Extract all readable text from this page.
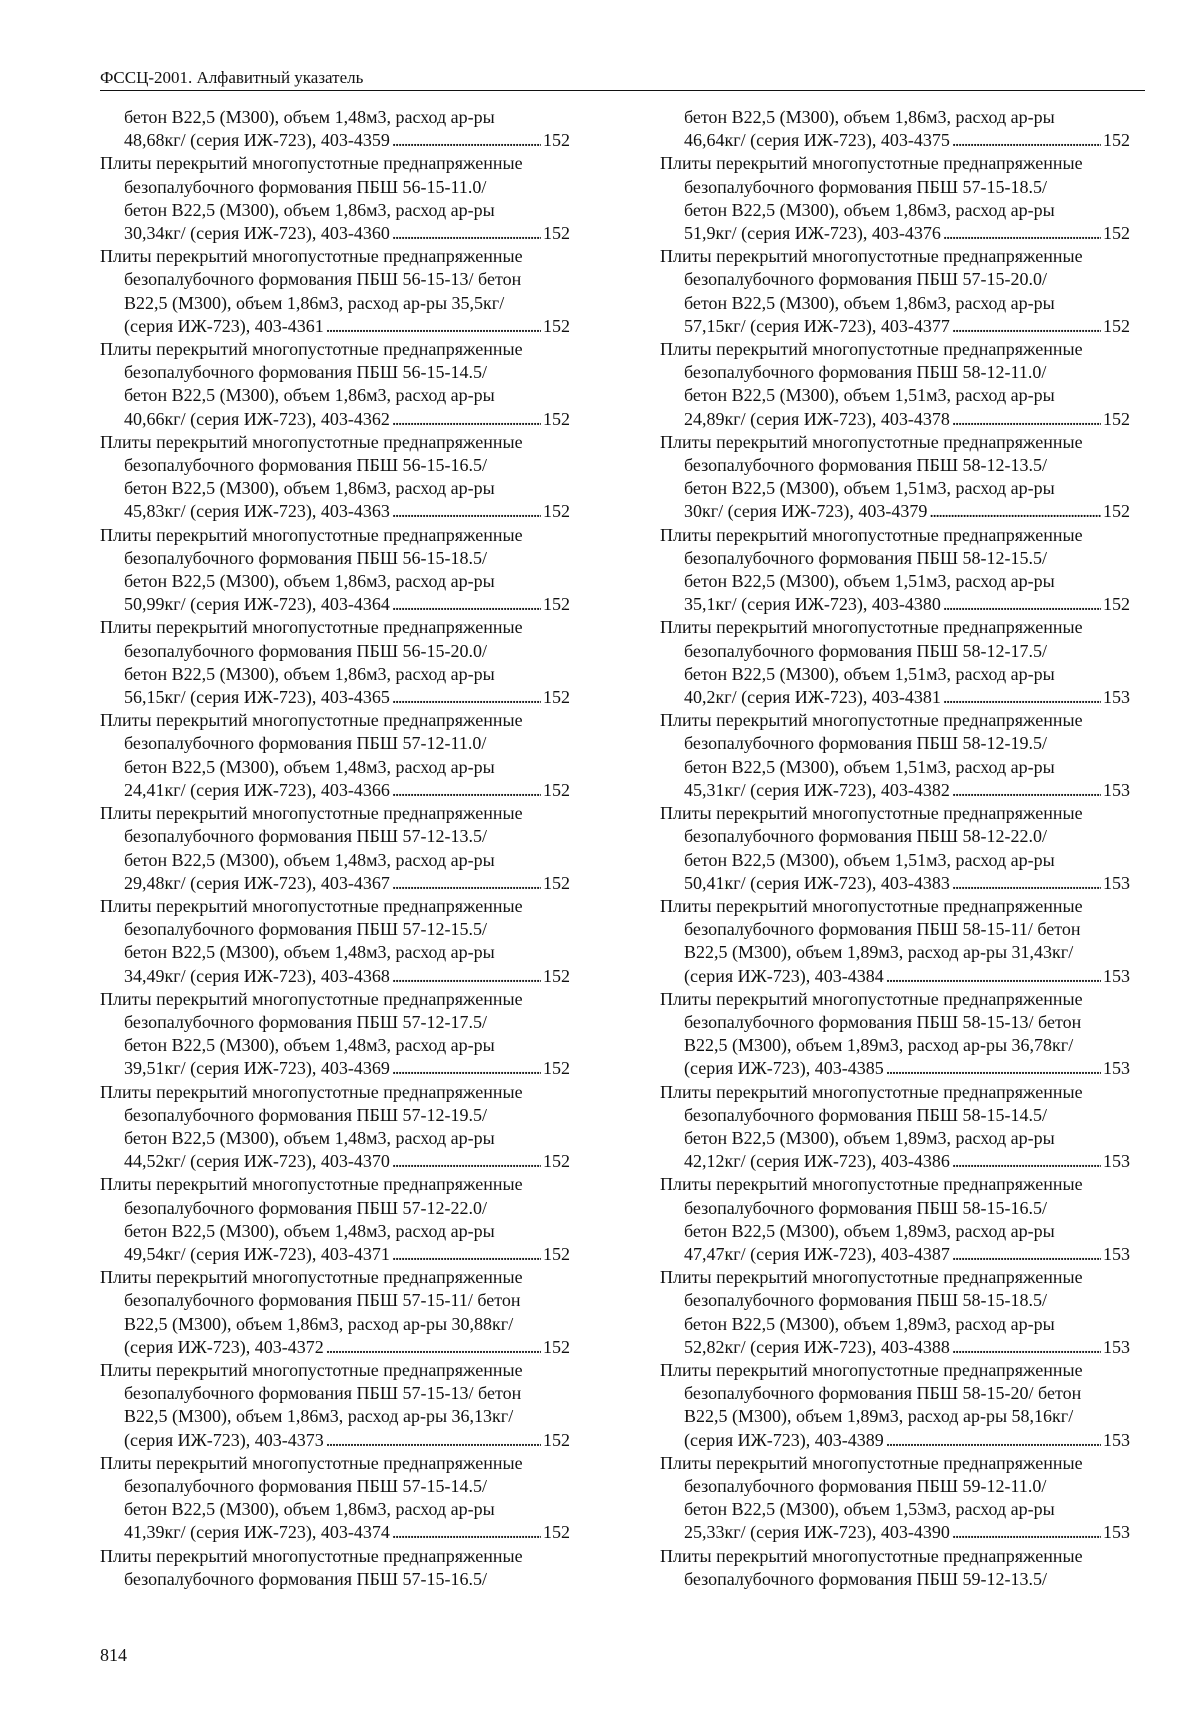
ФССЦ-2001. Алфавитный указатель
бетон В22,5 (М300), объем 1,48м3, расход ар-ры
48,68кг/ (серия ИЖ-723), 403-4359 . . .	152
Плиты перекрытий многопустотные преднапряженные
безопалубочного формования ПБШ 56-15-11.0/
бетон В22,5 (М300), объем 1,86м3, расход ар-ры
30,34кг/ (серия ИЖ-723), 403-4360 . . .	152
Плиты перекрытий многопустотные преднапряженные
безопалубочного формования ПБШ 56-15-13/ бетон
В22,5 (М300), объем 1,86м3, расход ар-ры 35,5кг/
(серия ИЖ-723), 403-4361 . . .	152
Плиты перекрытий многопустотные преднапряженные
безопалубочного формования ПБШ 56-15-14.5/
бетон В22,5 (М300), объем 1,86м3, расход ар-ры
40,66кг/ (серия ИЖ-723), 403-4362 . . .	152
Плиты перекрытий многопустотные преднапряженные
безопалубочного формования ПБШ 56-15-16.5/
бетон В22,5 (М300), объем 1,86м3, расход ар-ры
45,83кг/ (серия ИЖ-723), 403-4363 . . .	152
Плиты перекрытий многопустотные преднапряженные
безопалубочного формования ПБШ 56-15-18.5/
бетон В22,5 (М300), объем 1,86м3, расход ар-ры
50,99кг/ (серия ИЖ-723), 403-4364 . . .	152
Плиты перекрытий многопустотные преднапряженные
безопалубочного формования ПБШ 56-15-20.0/
бетон В22,5 (М300), объем 1,86м3, расход ар-ры
56,15кг/ (серия ИЖ-723), 403-4365 . . .	152
Плиты перекрытий многопустотные преднапряженные
безопалубочного формования ПБШ 57-12-11.0/
бетон В22,5 (М300), объем 1,48м3, расход ар-ры
24,41кг/ (серия ИЖ-723), 403-4366 . . .	152
Плиты перекрытий многопустотные преднапряженные
безопалубочного формования ПБШ 57-12-13.5/
бетон В22,5 (М300), объем 1,48м3, расход ар-ры
29,48кг/ (серия ИЖ-723), 403-4367 . . .	152
Плиты перекрытий многопустотные преднапряженные
безопалубочного формования ПБШ 57-12-15.5/
бетон В22,5 (М300), объем 1,48м3, расход ар-ры
34,49кг/ (серия ИЖ-723), 403-4368 . . .	152
Плиты перекрытий многопустотные преднапряженные
безопалубочного формования ПБШ 57-12-17.5/
бетон В22,5 (М300), объем 1,48м3, расход ар-ры
39,51кг/ (серия ИЖ-723), 403-4369 . . .	152
Плиты перекрытий многопустотные преднапряженные
безопалубочного формования ПБШ 57-12-19.5/
бетон В22,5 (М300), объем 1,48м3, расход ар-ры
44,52кг/ (серия ИЖ-723), 403-4370 . . .	152
Плиты перекрытий многопустотные преднапряженные
безопалубочного формования ПБШ 57-12-22.0/
бетон В22,5 (М300), объем 1,48м3, расход ар-ры
49,54кг/ (серия ИЖ-723), 403-4371 . . .	152
Плиты перекрытий многопустотные преднапряженные
безопалубочного формования ПБШ 57-15-11/ бетон
В22,5 (М300), объем 1,86м3, расход ар-ры 30,88кг/
(серия ИЖ-723), 403-4372 . . .	152
Плиты перекрытий многопустотные преднапряженные
безопалубочного формования ПБШ 57-15-13/ бетон
В22,5 (М300), объем 1,86м3, расход ар-ры 36,13кг/
(серия ИЖ-723), 403-4373 . . .	152
Плиты перекрытий многопустотные преднапряженные
безопалубочного формования ПБШ 57-15-14.5/
бетон В22,5 (М300), объем 1,86м3, расход ар-ры
41,39кг/ (серия ИЖ-723), 403-4374 . . .	152
Плиты перекрытий многопустотные преднапряженные
безопалубочного формования ПБШ 57-15-16.5/
бетон В22,5 (М300), объем 1,86м3, расход ар-ры
46,64кг/ (серия ИЖ-723), 403-4375 . . .	152
Плиты перекрытий многопустотные преднапряженные
безопалубочного формования ПБШ 57-15-18.5/
бетон В22,5 (М300), объем 1,86м3, расход ар-ры
51,9кг/ (серия ИЖ-723), 403-4376 . . .	152
Плиты перекрытий многопустотные преднапряженные
безопалубочного формования ПБШ 57-15-20.0/
бетон В22,5 (М300), объем 1,86м3, расход ар-ры
57,15кг/ (серия ИЖ-723), 403-4377 . . .	152
Плиты перекрытий многопустотные преднапряженные
безопалубочного формования ПБШ 58-12-11.0/
бетон В22,5 (М300), объем 1,51м3, расход ар-ры
24,89кг/ (серия ИЖ-723), 403-4378 . . .	152
Плиты перекрытий многопустотные преднапряженные
безопалубочного формования ПБШ 58-12-13.5/
бетон В22,5 (М300), объем 1,51м3, расход ар-ры
30кг/ (серия ИЖ-723), 403-4379 . . .	152
Плиты перекрытий многопустотные преднапряженные
безопалубочного формования ПБШ 58-12-15.5/
бетон В22,5 (М300), объем 1,51м3, расход ар-ры
35,1кг/ (серия ИЖ-723), 403-4380 . . .	152
Плиты перекрытий многопустотные преднапряженные
безопалубочного формования ПБШ 58-12-17.5/
бетон В22,5 (М300), объем 1,51м3, расход ар-ры
40,2кг/ (серия ИЖ-723), 403-4381 . . .	153
Плиты перекрытий многопустотные преднапряженные
безопалубочного формования ПБШ 58-12-19.5/
бетон В22,5 (М300), объем 1,51м3, расход ар-ры
45,31кг/ (серия ИЖ-723), 403-4382 . . .	153
Плиты перекрытий многопустотные преднапряженные
безопалубочного формования ПБШ 58-12-22.0/
бетон В22,5 (М300), объем 1,51м3, расход ар-ры
50,41кг/ (серия ИЖ-723), 403-4383 . . .	153
Плиты перекрытий многопустотные преднапряженные
безопалубочного формования ПБШ 58-15-11/ бетон
В22,5 (М300), объем 1,89м3, расход ар-ры 31,43кг/
(серия ИЖ-723), 403-4384 . . .	153
Плиты перекрытий многопустотные преднапряженные
безопалубочного формования ПБШ 58-15-13/ бетон
В22,5 (М300), объем 1,89м3, расход ар-ры 36,78кг/
(серия ИЖ-723), 403-4385 . . .	153
Плиты перекрытий многопустотные преднапряженные
безопалубочного формования ПБШ 58-15-14.5/
бетон В22,5 (М300), объем 1,89м3, расход ар-ры
42,12кг/ (серия ИЖ-723), 403-4386 . . .	153
Плиты перекрытий многопустотные преднапряженные
безопалубочного формования ПБШ 58-15-16.5/
бетон В22,5 (М300), объем 1,89м3, расход ар-ры
47,47кг/ (серия ИЖ-723), 403-4387 . . .	153
Плиты перекрытий многопустотные преднапряженные
безопалубочного формования ПБШ 58-15-18.5/
бетон В22,5 (М300), объем 1,89м3, расход ар-ры
52,82кг/ (серия ИЖ-723), 403-4388 . . .	153
Плиты перекрытий многопустотные преднапряженные
безопалубочного формования ПБШ 58-15-20/ бетон
В22,5 (М300), объем 1,89м3, расход ар-ры 58,16кг/
(серия ИЖ-723), 403-4389 . . .	153
Плиты перекрытий многопустотные преднапряженные
безопалубочного формования ПБШ 59-12-11.0/
бетон В22,5 (М300), объем 1,53м3, расход ар-ры
25,33кг/ (серия ИЖ-723), 403-4390 . . .	153
Плиты перекрытий многопустотные преднапряженные
безопалубочного формования ПБШ 59-12-13.5/
814
